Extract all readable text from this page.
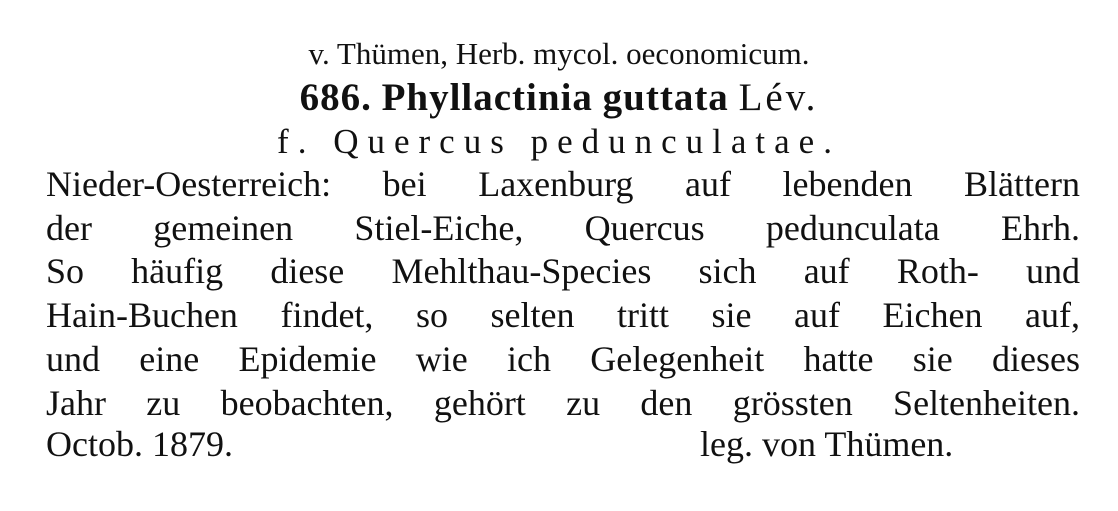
v. Thümen, Herb. mycol. oeconomicum.
686. Phyllactinia guttata Lév.
f. Quercus pedunculatae.
Nieder-Oesterreich: bei Laxenburg auf lebenden Blättern
der gemeinen Stiel-Eiche, Quercus pedunculata Ehrh.
So häufig diese Mehlthau-Species sich auf Roth- und
Hain-Buchen findet, so selten tritt sie auf Eichen auf,
und eine Epidemie wie ich Gelegenheit hatte sie dieses
Jahr zu beobachten, gehört zu den grössten Seltenheiten.
Octob. 1879.	leg. von Thümen.
